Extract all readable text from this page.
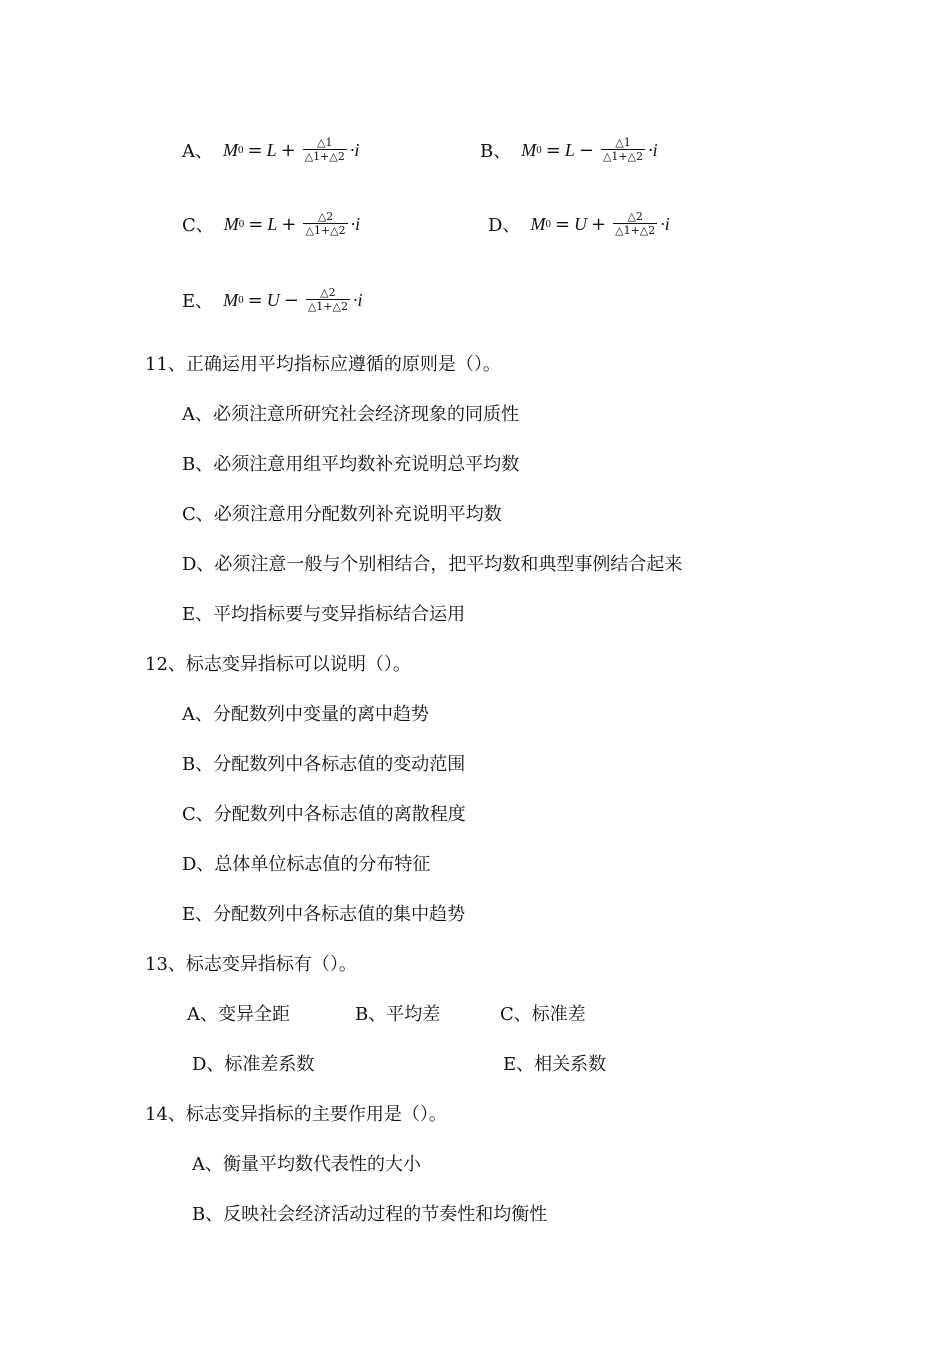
A、 M $0 = L + \frac{\triangle 1}{\triangle 1+\triangle 2} \cdot i$	B、 M $0 = L - \frac{\triangle 1}{\triangle 1+\triangle 2} \cdot i$
C、 M $0 = L + \frac{\triangle 2}{\triangle 1+\triangle 2} \cdot i$	D、 M $0 = U + \frac{\triangle 2}{\triangle 1+\triangle 2} \cdot i$
E、 M $0 = U - \frac{\triangle 2}{\triangle 1+\triangle 2} \cdot i$
11、正确运用平均指标应遵循的原则是（）。
A、必须注意所研究社会经济现象的同质性
B、必须注意用组平均数补充说明总平均数
C、必须注意用分配数列补充说明平均数
D、必须注意一般与个别相结合，把平均数和典型事例结合起来
E、平均指标要与变异指标结合运用
12、标志变异指标可以说明（）。
A、分配数列中变量的离中趋势
B、分配数列中各标志值的变动范围
C、分配数列中各标志值的离散程度
D、总体单位标志值的分布特征
E、分配数列中各标志值的集中趋势
13、标志变异指标有（）。
A、变异全距	B、平均差	C、标准差
D、标准差系数	E、相关系数
14、标志变异指标的主要作用是（）。
A、衡量平均数代表性的大小
B、反映社会经济活动过程的节奏性和均衡性
